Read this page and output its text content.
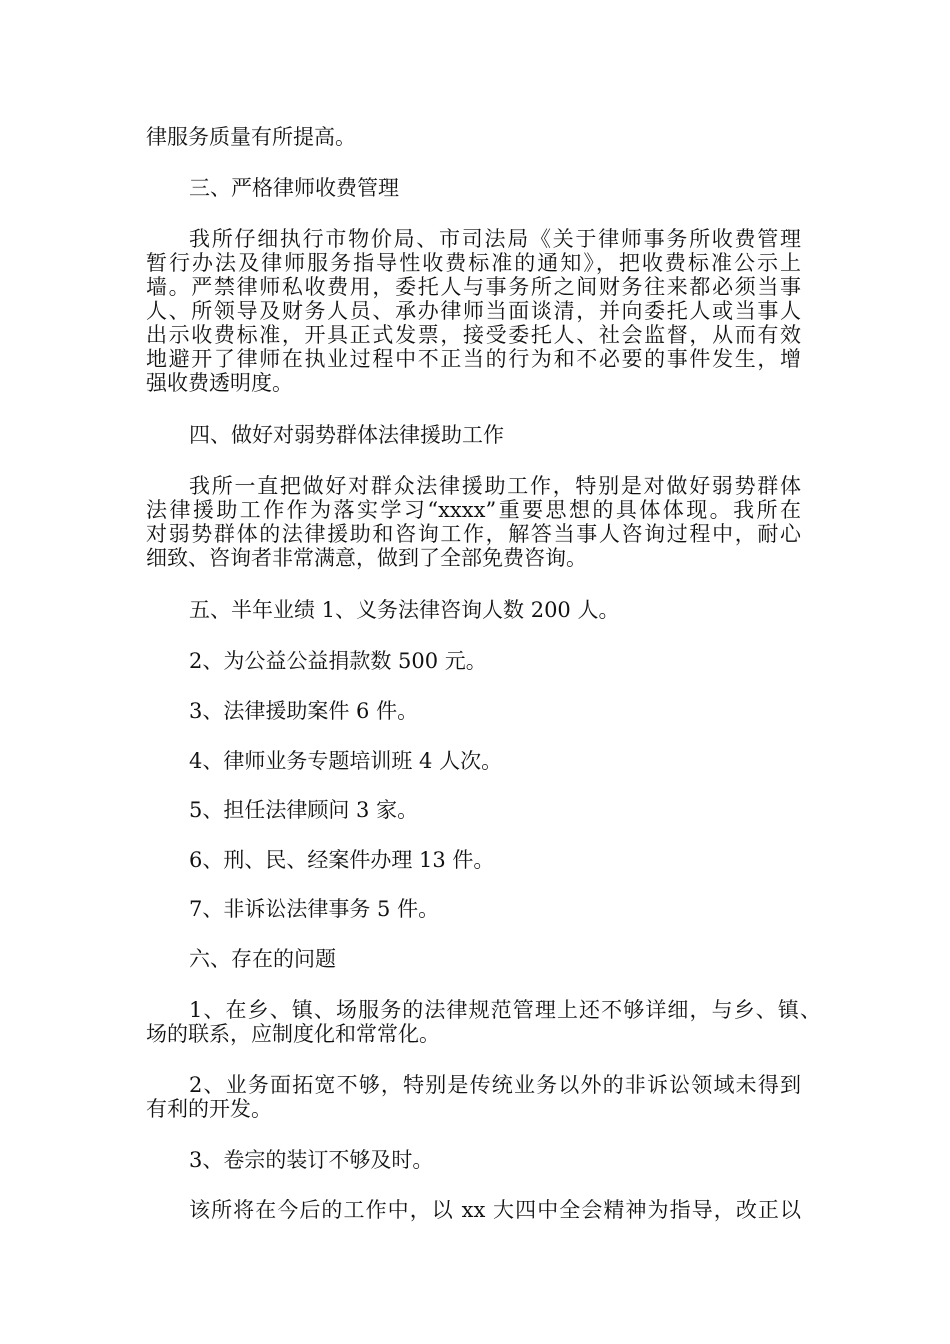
律服务质量有所提高。

三、严格律师收费管理

我所仔细执行市物价局、市司法局《关于律师事务所收费管理

暂行办法及律师服务指导性收费标准的通知》，把收费标准公示上

墙。严禁律师私收费用，委托人与事务所之间财务往来都必须当事

人、所领导及财务人员、承办律师当面谈清，并向委托人或当事人

出示收费标准，开具正式发票，接受委托人、社会监督，从而有效

地避开了律师在执业过程中不正当的行为和不必要的事件发生，增

强收费透明度。

四、做好对弱势群体法律援助工作

我所一直把做好对群众法律援助工作，特别是对做好弱势群体

法律援助工作作为落实学习“xxxx”重要思想的具体体现。我所在

对弱势群体的法律援助和咨询工作，解答当事人咨询过程中，耐心

细致、咨询者非常满意，做到了全部免费咨询。

五、半年业绩 1、义务法律咨询人数 200 人。

2、为公益公益捐款数 500 元。

3、法律援助案件 6 件。

4、律师业务专题培训班 4 人次。

5、担任法律顾问 3 家。

6、刑、民、经案件办理 13 件。

7、非诉讼法律事务 5 件。

六、存在的问题

1、在乡、镇、场服务的法律规范管理上还不够详细，与乡、镇、

场的联系，应制度化和常常化。

2、业务面拓宽不够，特别是传统业务以外的非诉讼领域未得到

有利的开发。

3、卷宗的装订不够及时。

该所将在今后的工作中，以 xx 大四中全会精神为指导，改正以
